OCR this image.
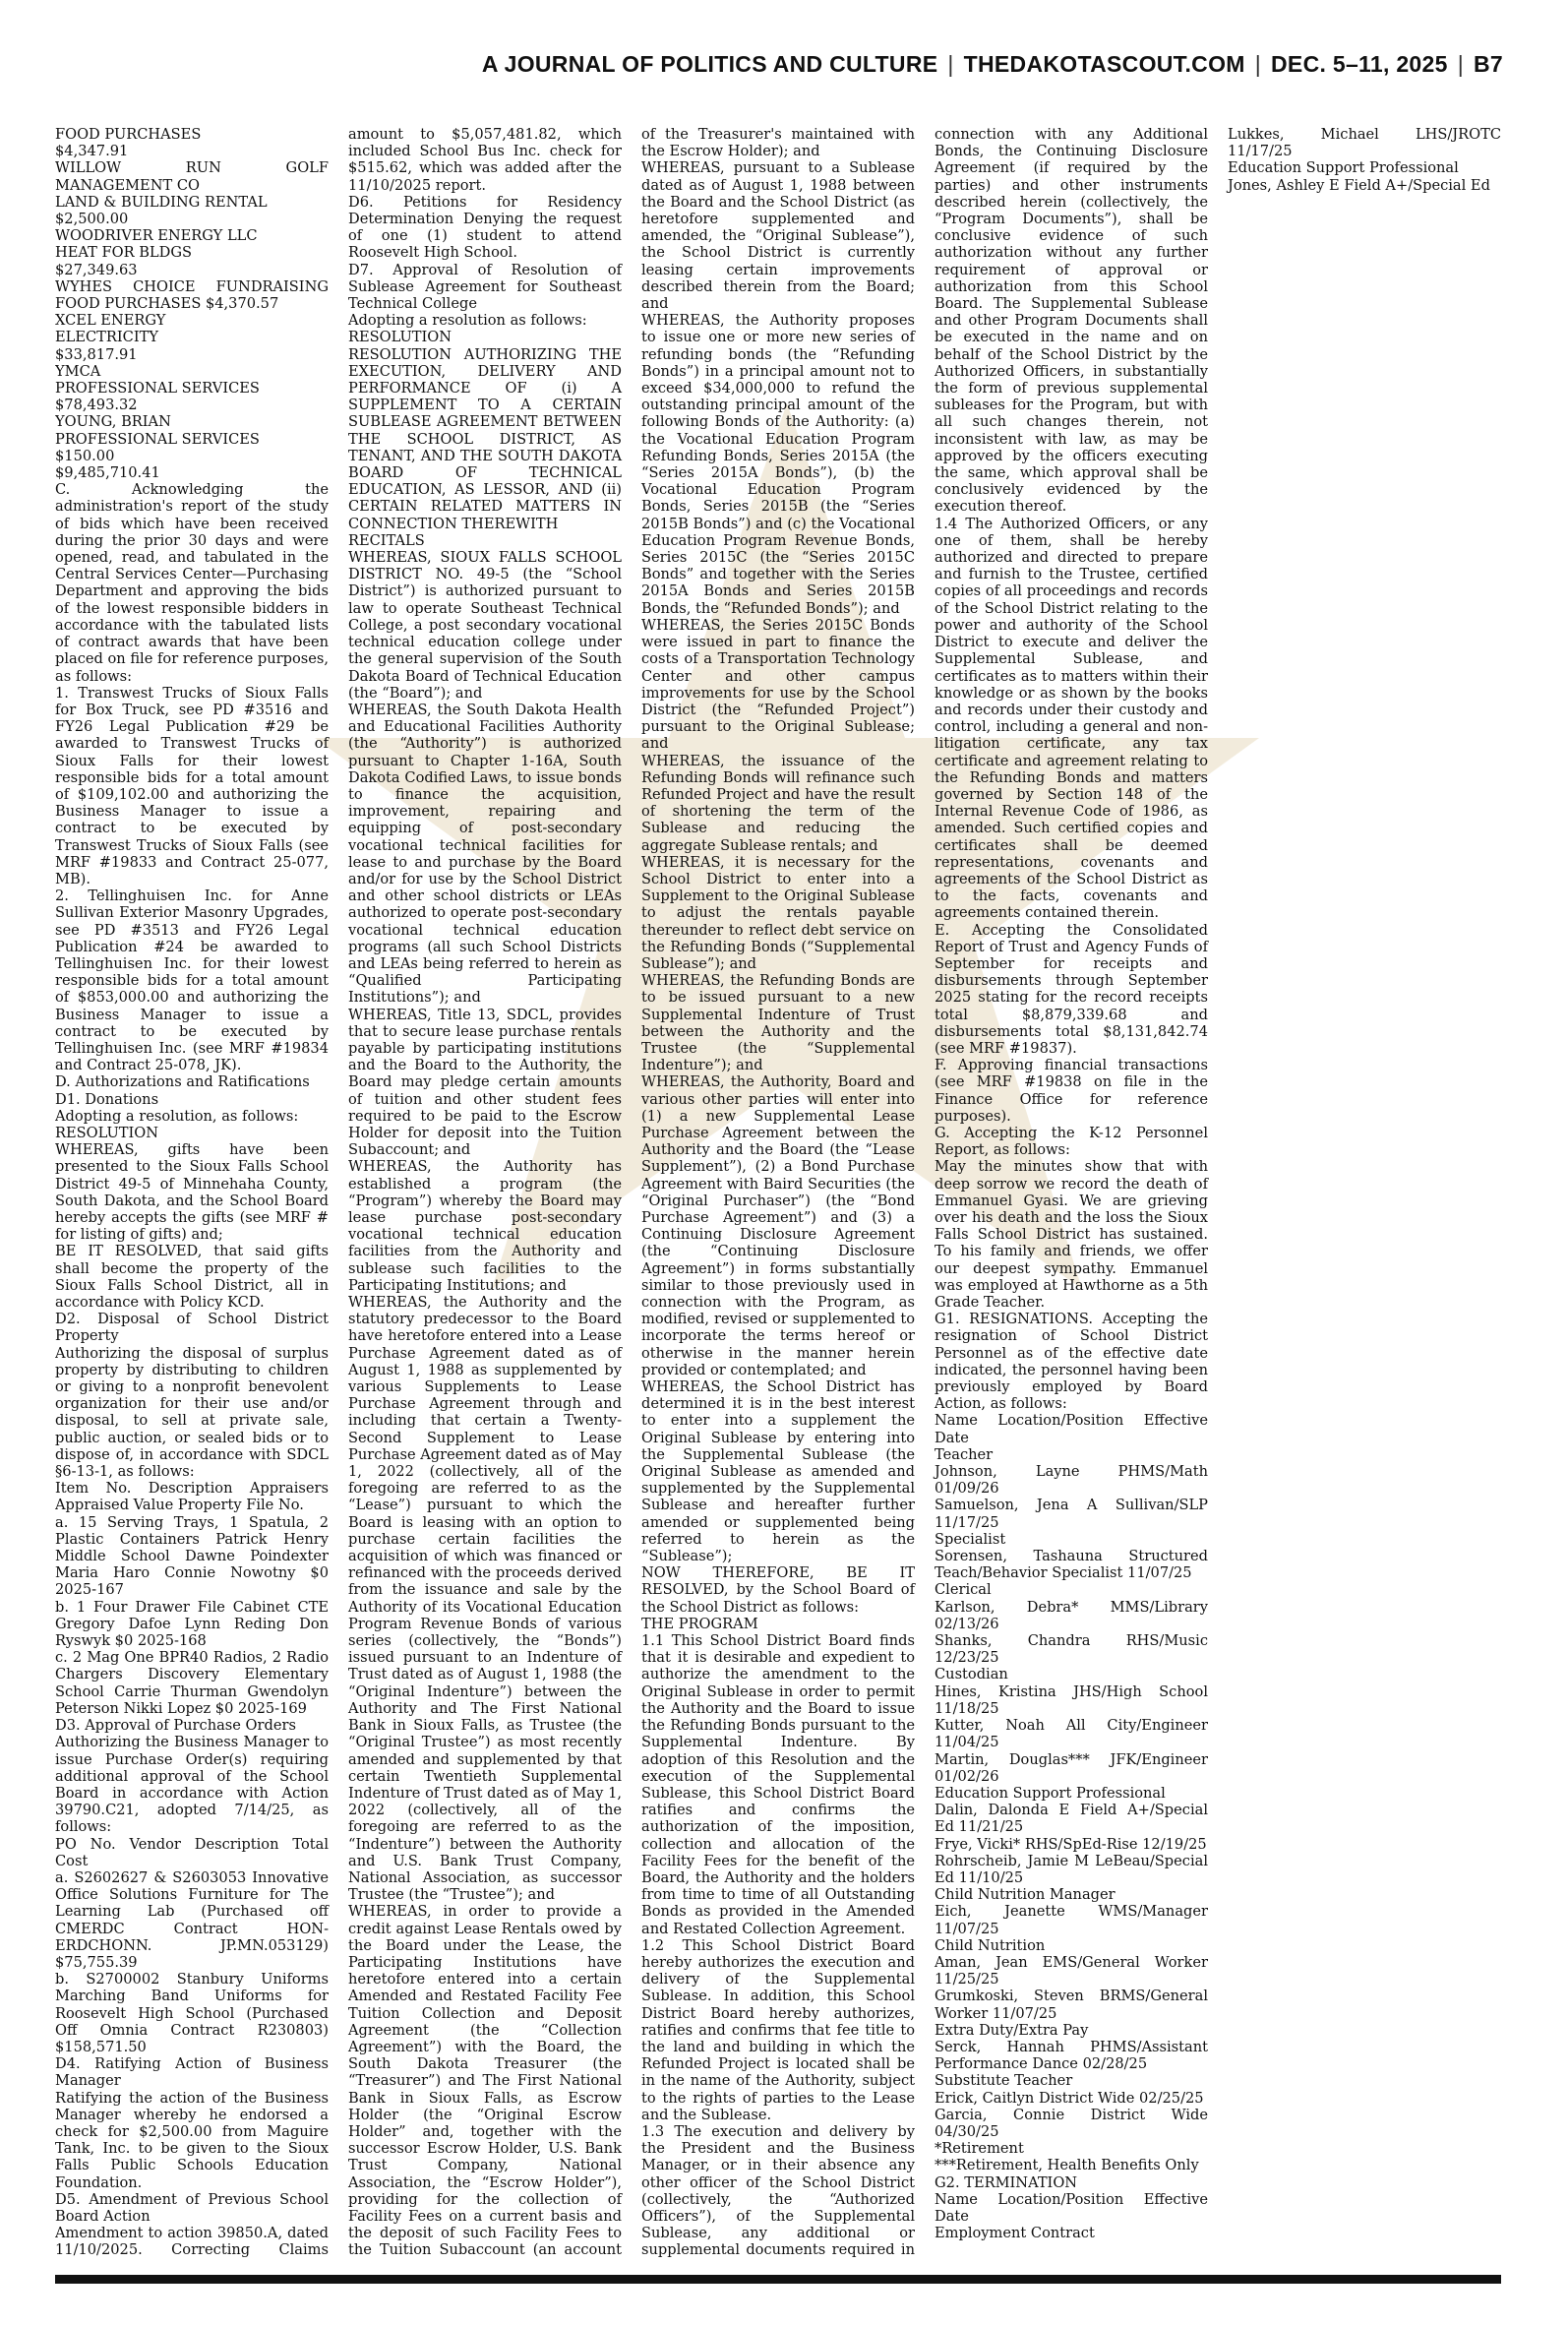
A JOURNAL OF POLITICS AND CULTURE | THEDAKOTASCOUT.COM | DEC. 5–11, 2025 | B7

FOOD PURCHASES

$4,347.91

WILLOW RUN GOLF MANAGEMENT CO

LAND & BUILDING RENTAL

$2,500.00

WOODRIVER ENERGY LLC

HEAT FOR BLDGS

$27,349.63

WYHES CHOICE FUNDRAISING FOOD PURCHASES $4,370.57

XCEL ENERGY

ELECTRICITY

$33,817.91

YMCA

PROFESSIONAL SERVICES

$78,493.32

YOUNG, BRIAN

PROFESSIONAL SERVICES

$150.00

$9,485,710.41

C. Acknowledging the administration's report of the study of bids which have been received during the prior 30 days and were opened, read, and tabulated in the Central Services Center—Purchasing Department and approving the bids of the lowest responsible bidders in accordance with the tabulated lists of contract awards that have been placed on file for reference purposes, as follows:

1. Transwest Trucks of Sioux Falls for Box Truck, see PD #3516 and FY26 Legal Publication #29 be awarded to Transwest Trucks of Sioux Falls for their lowest responsible bids for a total amount of $109,102.00 and authorizing the Business Manager to issue a contract to be executed by Transwest Trucks of Sioux Falls (see MRF #19833 and Contract 25-077, MB).

2. Tellinghuisen Inc. for Anne Sullivan Exterior Masonry Upgrades, see PD #3513 and FY26 Legal Publication #24 be awarded to Tellinghuisen Inc. for their lowest responsible bids for a total amount of $853,000.00 and authorizing the Business Manager to issue a contract to be executed by Tellinghuisen Inc. (see MRF #19834 and Contract 25-078, JK).

D. Authorizations and Ratifications

D1. Donations

Adopting a resolution, as follows:

RESOLUTION

WHEREAS, gifts have been presented to the Sioux Falls School District 49-5 of Minnehaha County, South Dakota, and the School Board hereby accepts the gifts (see MRF # for listing of gifts) and;

BE IT RESOLVED, that said gifts shall become the property of the Sioux Falls School District, all in accordance with Policy KCD.

D2. Disposal of School District Property

Authorizing the disposal of surplus property by distributing to children or giving to a nonprofit benevolent organization for their use and/or disposal, to sell at private sale, public auction, or sealed bids or to dispose of, in accordance with SDCL §6-13-1, as follows:

Item No. Description Appraisers Appraised Value Property File No.

a. 15 Serving Trays, 1 Spatula, 2 Plastic Containers Patrick Henry Middle School Dawne Poindexter Maria Haro Connie Nowotny $0 2025-167

b. 1 Four Drawer File Cabinet CTE Gregory Dafoe Lynn Reding Don Ryswyk $0 2025-168

c. 2 Mag One BPR40 Radios, 2 Radio Chargers Discovery Elementary School Carrie Thurman Gwendolyn Peterson Nikki Lopez $0 2025-169

D3. Approval of Purchase Orders

Authorizing the Business Manager to issue Purchase Order(s) requiring additional approval of the School Board in accordance with Action 39790.C21, adopted 7/14/25, as follows:

PO No. Vendor Description Total Cost

a. S2602627 & S2603053 Innovative Office Solutions Furniture for The Learning Lab (Purchased off CMERDC Contract HON-ERDCHONN. JP.MN.053129) $75,755.39

b. S2700002 Stanbury Uniforms Marching Band Uniforms for Roosevelt High School (Purchased Off Omnia Contract R230803) $158,571.50

D4. Ratifying Action of Business Manager

Ratifying the action of the Business Manager whereby he endorsed a check for $2,500.00 from Maguire Tank, Inc. to be given to the Sioux Falls Public Schools Education Foundation.

D5. Amendment of Previous School Board Action

Amendment to action 39850.A, dated 11/10/2025. Correcting Claims amount to $5,057,481.82, which included School Bus Inc. check for $515.62, which was added after the 11/10/2025 report.

D6. Petitions for Residency Determination Denying the request of one (1) student to attend Roosevelt High School.

D7. Approval of Resolution of Sublease Agreement for Southeast Technical College

Adopting a resolution as follows:

RESOLUTION

RESOLUTION AUTHORIZING THE EXECUTION, DELIVERY AND PERFORMANCE OF (i) A SUPPLEMENT TO A CERTAIN SUBLEASE AGREEMENT BETWEEN THE SCHOOL DISTRICT, AS TENANT, AND THE SOUTH DAKOTA BOARD OF TECHNICAL EDUCATION, AS LESSOR, AND (ii) CERTAIN RELATED MATTERS IN CONNECTION THEREWITH

RECITALS

WHEREAS, SIOUX FALLS SCHOOL DISTRICT NO. 49-5 (the “School District”) is authorized pursuant to law to operate Southeast Technical College, a post secondary vocational technical education college under the general supervision of the South Dakota Board of Technical Education (the “Board”); and

WHEREAS, the South Dakota Health and Educational Facilities Authority (the “Authority”) is authorized pursuant to Chapter 1-16A, South Dakota Codified Laws, to issue bonds to finance the acquisition, improvement, repairing and equipping of post-secondary vocational technical facilities for lease to and purchase by the Board and/or for use by the School District and other school districts or LEAs authorized to operate post-secondary vocational technical education programs (all such School Districts and LEAs being referred to herein as “Qualified Participating Institutions”); and

WHEREAS, Title 13, SDCL, provides that to secure lease purchase rentals payable by participating institutions and the Board to the Authority, the Board may pledge certain amounts of tuition and other student fees required to be paid to the Escrow Holder for deposit into the Tuition Subaccount; and

WHEREAS, the Authority has established a program (the “Program”) whereby the Board may lease purchase post-secondary vocational technical education facilities from the Authority and sublease such facilities to the Participating Institutions; and

WHEREAS, the Authority and the statutory predecessor to the Board have heretofore entered into a Lease Purchase Agreement dated as of August 1, 1988 as supplemented by various Supplements to Lease Purchase Agreement through and including that certain a Twenty-Second Supplement to Lease Purchase Agreement dated as of May 1, 2022 (collectively, all of the foregoing are referred to as the “Lease”) pursuant to which the Board is leasing with an option to purchase certain facilities the acquisition of which was financed or refinanced with the proceeds derived from the issuance and sale by the Authority of its Vocational Education Program Revenue Bonds of various series (collectively, the “Bonds”) issued pursuant to an Indenture of Trust dated as of August 1, 1988 (the “Original Indenture”) between the Authority and The First National Bank in Sioux Falls, as Trustee (the “Original Trustee”) as most recently amended and supplemented by that certain Twentieth Supplemental Indenture of Trust dated as of May 1, 2022 (collectively, all of the foregoing are referred to as the “Indenture”) between the Authority and U.S. Bank Trust Company, National Association, as successor Trustee (the “Trustee”); and

WHEREAS, in order to provide a credit against Lease Rentals owed by the Board under the Lease, the Participating Institutions have heretofore entered into a certain Amended and Restated Facility Fee Tuition Collection and Deposit Agreement (the “Collection Agreement”) with the Board, the South Dakota Treasurer (the “Treasurer”) and The First National Bank in Sioux Falls, as Escrow Holder (the “Original Escrow Holder” and, together with the successor Escrow Holder, U.S. Bank Trust Company, National Association, the “Escrow Holder”), providing for the collection of Facility Fees on a current basis and the deposit of such Facility Fees to the Tuition Subaccount (an account of the Treasurer's maintained with the Escrow Holder); and

WHEREAS, pursuant to a Sublease dated as of August 1, 1988 between the Board and the School District (as heretofore supplemented and amended, the “Original Sublease”), the School District is currently leasing certain improvements described therein from the Board; and

WHEREAS, the Authority proposes to issue one or more new series of refunding bonds (the “Refunding Bonds”) in a principal amount not to exceed $34,000,000 to refund the outstanding principal amount of the following Bonds of the Authority: (a) the Vocational Education Program Refunding Bonds, Series 2015A (the “Series 2015A Bonds”), (b) the Vocational Education Program Bonds, Series 2015B (the “Series 2015B Bonds”) and (c) the Vocational Education Program Revenue Bonds, Series 2015C (the “Series 2015C Bonds” and together with the Series 2015A Bonds and Series 2015B Bonds, the “Refunded Bonds”); and

WHEREAS, the Series 2015C Bonds were issued in part to finance the costs of a Transportation Technology Center and other campus improvements for use by the School District (the “Refunded Project”) pursuant to the Original Sublease; and

WHEREAS, the issuance of the Refunding Bonds will refinance such Refunded Project and have the result of shortening the term of the Sublease and reducing the aggregate Sublease rentals; and

WHEREAS, it is necessary for the School District to enter into a Supplement to the Original Sublease to adjust the rentals payable thereunder to reflect debt service on the Refunding Bonds (“Supplemental Sublease”); and

WHEREAS, the Refunding Bonds are to be issued pursuant to a new Supplemental Indenture of Trust between the Authority and the Trustee (the “Supplemental Indenture”); and

WHEREAS, the Authority, Board and various other parties will enter into (1) a new Supplemental Lease Purchase Agreement between the Authority and the Board (the “Lease Supplement”), (2) a Bond Purchase Agreement with Baird Securities (the “Original Purchaser”) (the “Bond Purchase Agreement”) and (3) a Continuing Disclosure Agreement (the “Continuing Disclosure Agreement”) in forms substantially similar to those previously used in connection with the Program, as modified, revised or supplemented to incorporate the terms hereof or otherwise in the manner herein provided or contemplated; and

WHEREAS, the School District has determined it is in the best interest to enter into a supplement the Original Sublease by entering into the Supplemental Sublease (the Original Sublease as amended and supplemented by the Supplemental Sublease and hereafter further amended or supplemented being referred to herein as the “Sublease”);

NOW THEREFORE, BE IT RESOLVED, by the School Board of the School District as follows:

THE PROGRAM

1.1 This School District Board finds that it is desirable and expedient to authorize the amendment to the Original Sublease in order to permit the Authority and the Board to issue the Refunding Bonds pursuant to the Supplemental Indenture. By adoption of this Resolution and the execution of the Supplemental Sublease, this School District Board ratifies and confirms the authorization of the imposition, collection and allocation of the Facility Fees for the benefit of the Board, the Authority and the holders from time to time of all Outstanding Bonds as provided in the Amended and Restated Collection Agreement.

1.2 This School District Board hereby authorizes the execution and delivery of the Supplemental Sublease. In addition, this School District Board hereby authorizes, ratifies and confirms that fee title to the land and building in which the Refunded Project is located shall be in the name of the Authority, subject to the rights of parties to the Lease and the Sublease.

1.3 The execution and delivery by the President and the Business Manager, or in their absence any other officer of the School District (collectively, the “Authorized Officers”), of the Supplemental Sublease, any additional or supplemental documents required in connection with any Additional Bonds, the Continuing Disclosure Agreement (if required by the parties) and other instruments described herein (collectively, the “Program Documents”), shall be conclusive evidence of such authorization without any further requirement of approval or authorization from this School Board. The Supplemental Sublease and other Program Documents shall be executed in the name and on behalf of the School District by the Authorized Officers, in substantially the form of previous supplemental subleases for the Program, but with all such changes therein, not inconsistent with law, as may be approved by the officers executing the same, which approval shall be conclusively evidenced by the execution thereof.

1.4 The Authorized Officers, or any one of them, shall be hereby authorized and directed to prepare and furnish to the Trustee, certified copies of all proceedings and records of the School District relating to the power and authority of the School District to execute and deliver the Supplemental Sublease, and certificates as to matters within their knowledge or as shown by the books and records under their custody and control, including a general and non-litigation certificate, any tax certificate and agreement relating to the Refunding Bonds and matters governed by Section 148 of the Internal Revenue Code of 1986, as amended. Such certified copies and certificates shall be deemed representations, covenants and agreements of the School District as to the facts, covenants and agreements contained therein.

E. Accepting the Consolidated Report of Trust and Agency Funds of September for receipts and disbursements through September 2025 stating for the record receipts total $8,879,339.68 and disbursements total $8,131,842.74 (see MRF #19837).

F. Approving financial transactions (see MRF #19838 on file in the Finance Office for reference purposes).

G. Accepting the K-12 Personnel Report, as follows:

May the minutes show that with deep sorrow we record the death of Emmanuel Gyasi. We are grieving over his death and the loss the Sioux Falls School District has sustained. To his family and friends, we offer our deepest sympathy. Emmanuel was employed at Hawthorne as a 5th Grade Teacher.

G1. RESIGNATIONS. Accepting the resignation of School District Personnel as of the effective date indicated, the personnel having been previously employed by Board Action, as follows:

Name Location/Position Effective Date

Teacher

Johnson, Layne PHMS/Math 01/09/26

Samuelson, Jena A Sullivan/SLP 11/17/25

Specialist

Sorensen, Tashauna Structured Teach/Behavior Specialist 11/07/25

Clerical

Karlson, Debra* MMS/Library 02/13/26

Shanks, Chandra RHS/Music 12/23/25

Custodian

Hines, Kristina JHS/High School 11/18/25

Kutter, Noah All City/Engineer 11/04/25

Martin, Douglas*** JFK/Engineer 01/02/26

Education Support Professional

Dalin, Dalonda E Field A+/Special Ed 11/21/25

Frye, Vicki* RHS/SpEd-Rise 12/19/25

Rohrscheib, Jamie M LeBeau/Special Ed 11/10/25

Child Nutrition Manager

Eich, Jeanette WMS/Manager 11/07/25

Child Nutrition

Aman, Jean EMS/General Worker 11/25/25

Grumkoski, Steven BRMS/General Worker 11/07/25

Extra Duty/Extra Pay

Serck, Hannah PHMS/Assistant Performance Dance 02/28/25

Substitute Teacher

Erick, Caitlyn District Wide 02/25/25

Garcia, Connie District Wide 04/30/25

*Retirement

***Retirement, Health Benefits Only

G2. TERMINATION

Name Location/Position Effective Date

Employment Contract

Lukkes, Michael LHS/JROTC 11/17/25

Education Support Professional

Jones, Ashley E Field A+/Special Ed
